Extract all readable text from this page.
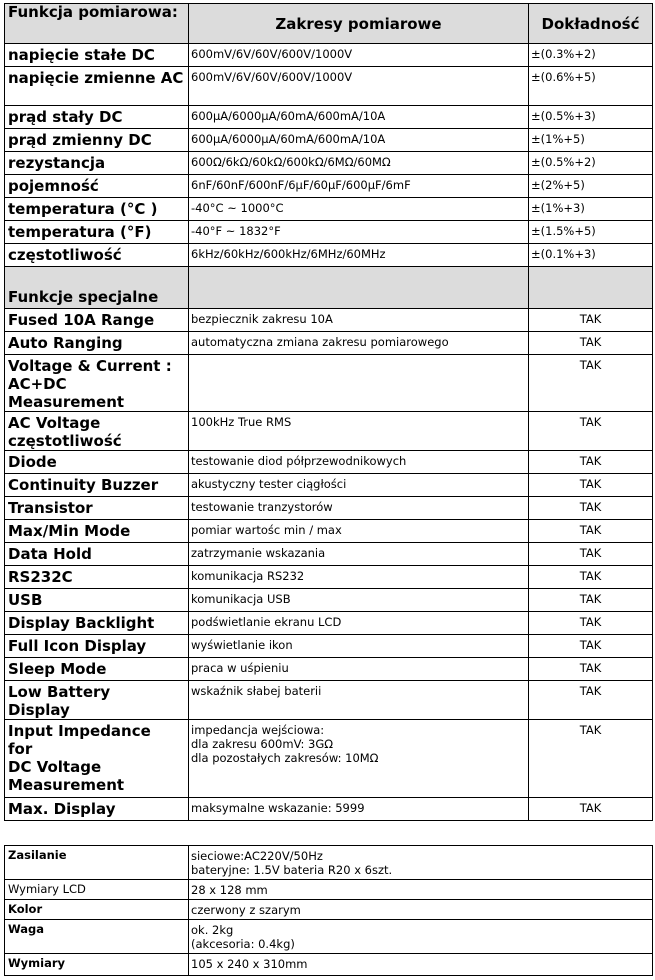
Funkcja pomiarowa:	Zakresy pomiarowe	Dokładność
napięcie stałe DC	600mV/6V/60V/600V/1000V	±(0.3%+2)
napięcie zmienne AC	600mV/6V/60V/600V/1000V	±(0.6%+5)
prąd stały DC	600µA/6000µA/60mA/600mA/10A	±(0.5%+3)
prąd zmienny DC	600µA/6000µA/60mA/600mA/10A	±(1%+5)
rezystancja	600Ω/6kΩ/60kΩ/600kΩ/6MΩ/60MΩ	±(0.5%+2)
pojemność	6nF/60nF/600nF/6µF/60µF/600µF/6mF	±(2%+5)
temperatura (°C )	-40°C ~ 1000°C	±(1%+3)
temperatura (°F)	-40°F ~ 1832°F	±(1.5%+5)
częstotliwość	6kHz/60kHz/600kHz/6MHz/60MHz	±(0.1%+3)
Funkcje specjalne		
Fused 10A Range	bezpiecznik zakresu 10A	TAK
Auto Ranging	automatyczna zmiana zakresu pomiarowego	TAK
Voltage & Current :
AC+DC
Measurement		TAK
AC Voltage
częstotliwość	100kHz True RMS	TAK
Diode	testowanie diod półprzewodnikowych	TAK
Continuity Buzzer	akustyczny tester ciągłości	TAK
Transistor	testowanie tranzystorów	TAK
Max/Min Mode	pomiar wartośc min / max	TAK
Data Hold	zatrzymanie wskazania	TAK
RS232C	komunikacja RS232	TAK
USB	komunikacja USB	TAK
Display Backlight	podświetlanie ekranu LCD	TAK
Full Icon Display	wyświetlanie ikon	TAK
Sleep Mode	praca w uśpieniu	TAK
Low Battery
Display	wskaźnik słabej baterii	TAK
Input Impedance
for
DC Voltage
Measurement	impedancja wejściowa:
dla zakresu 600mV: 3GΩ
dla pozostałych zakresów: 10MΩ	TAK
Max. Display	maksymalne wskazanie: 5999	TAK
Zasilanie	sieciowe:AC220V/50Hz
bateryjne: 1.5V bateria R20 x 6szt.
Wymiary LCD	28 x 128 mm
Kolor	czerwony z szarym
Waga	ok. 2kg
(akcesoria: 0.4kg)
Wymiary	105 x 240 x 310mm
